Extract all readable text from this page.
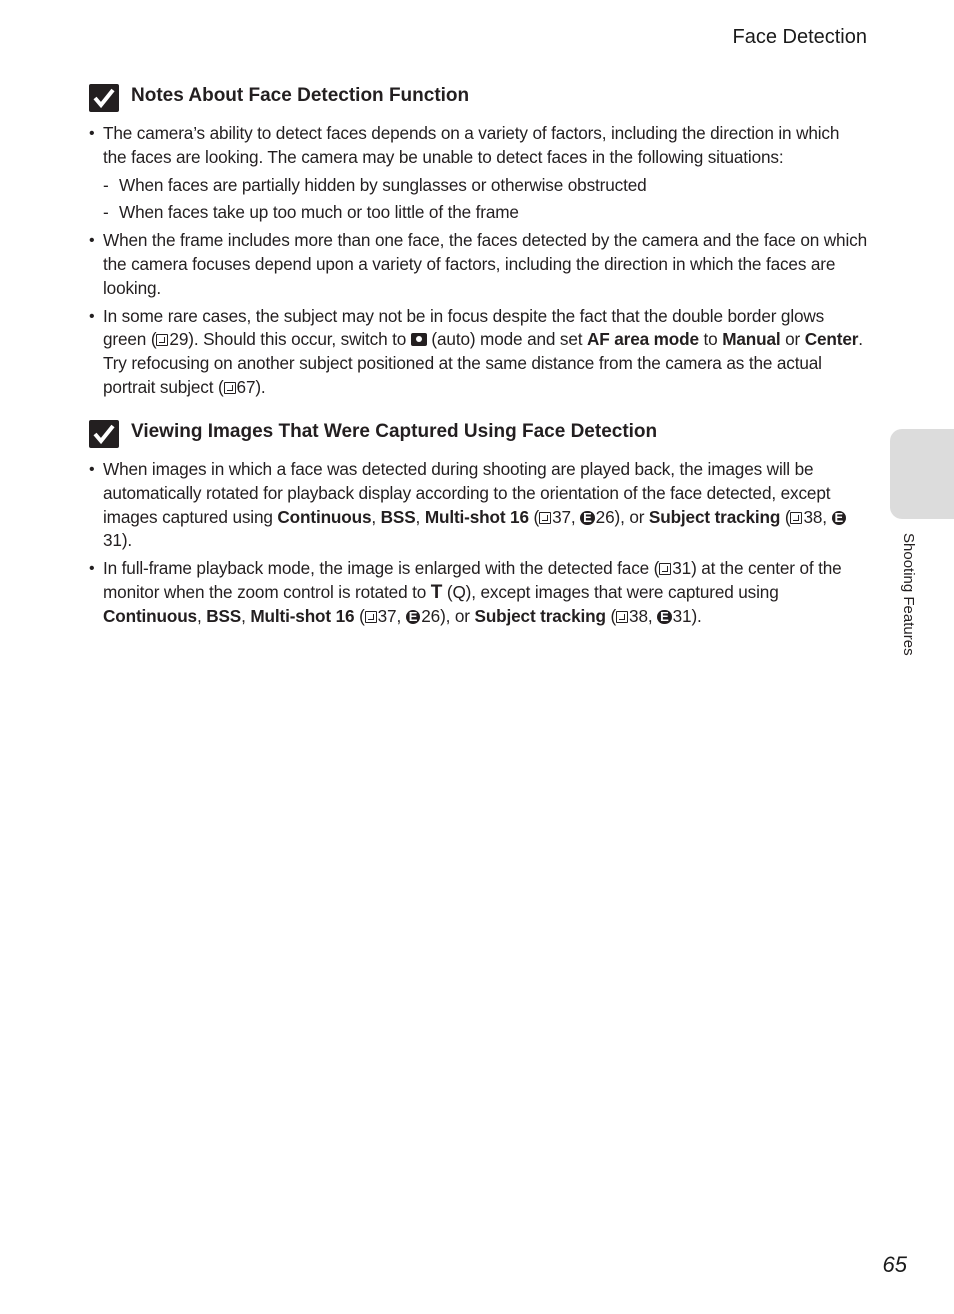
Face Detection
Notes About Face Detection Function
• The camera’s ability to detect faces depends on a variety of factors, including the direction in which the faces are looking. The camera may be unable to detect faces in the following situations:
- When faces are partially hidden by sunglasses or otherwise obstructed
- When faces take up too much or too little of the frame
• When the frame includes more than one face, the faces detected by the camera and the face on which the camera focuses depend upon a variety of factors, including the direction in which the faces are looking.
• In some rare cases, the subject may not be in focus despite the fact that the double border glows green ( 29). Should this occur, switch to  (auto) mode and set AF area mode to Manual or Center. Try refocusing on another subject positioned at the same distance from the camera as the actual portrait subject ( 67).
Viewing Images That Were Captured Using Face Detection
• When images in which a face was detected during shooting are played back, the images will be automatically rotated for playback display according to the orientation of the face detected, except images captured using Continuous, BSS, Multi-shot 16 ( 37, E 26), or Subject tracking ( 38, E31).
• In full-frame playback mode, the image is enlarged with the detected face ( 31) at the center of the monitor when the zoom control is rotated to T (Q), except images that were captured using Continuous, BSS, Multi-shot 16 ( 37, E 26), or Subject tracking ( 38, E 31).	Shooting Features
65
